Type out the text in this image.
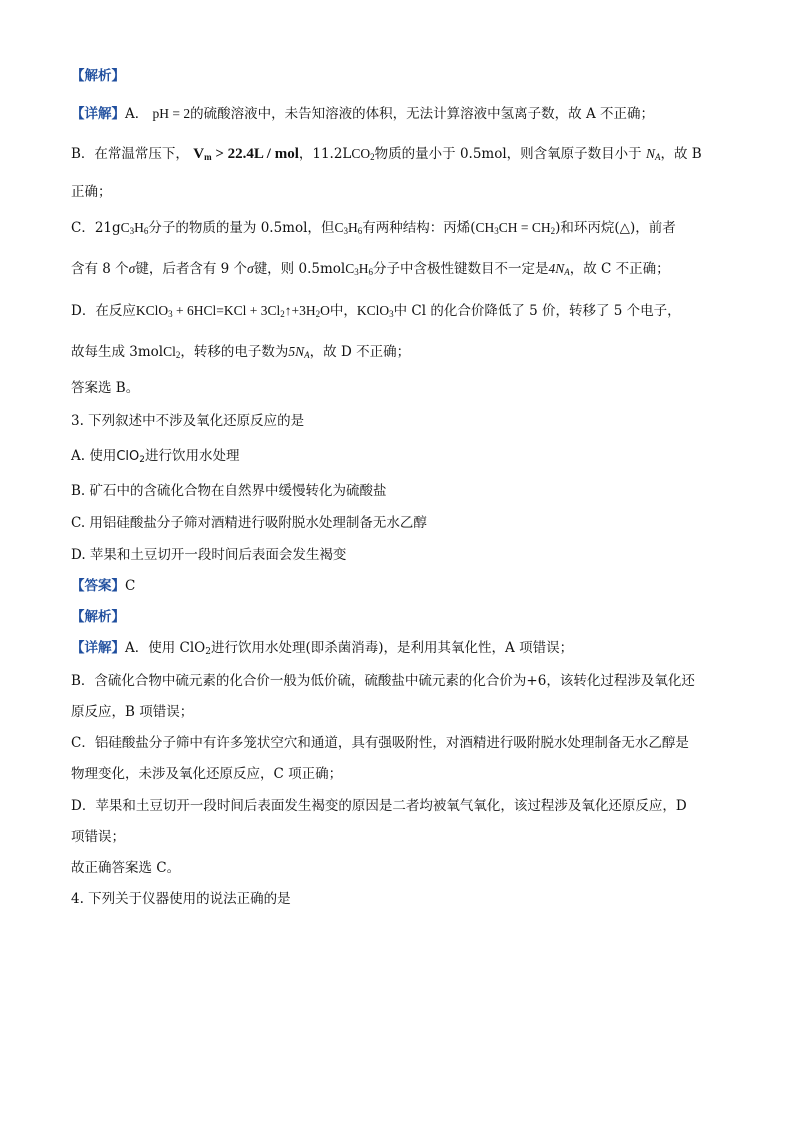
【解析】
【详解】A． pH = 2的硫酸溶液中，未告知溶液的体积，无法计算溶液中氢离子数，故 A 不正确；
B．在常温常压下， $V_m > 22.4L$ / mol，$11.2LCO_2$物质的量小于 0.5mol，则含氧原子数目小于 $N_A$，故 B
正确；
C．$21gC_3H_6$分子的物质的量为 0.5mol，但$C_3H_6$有两种结构：丙烯$(CH_3CH = CH_2)$和环丙烷(△)，前者
含有 8 个σ键，后者含有 9 个σ键，则 $0.5molC_3H_6$分子中含极性键数目不一定是$4N_A$，故 C 不正确；
D．在反应KClO$_3$ + $6HCl=KCl + 3Cl_2↑+3H_2O$中，KClO$_3$中 Cl 的化合价降低了 5 价，转移了 5 个电子，
故每生成 3molCl$_2$，转移的电子数为$5N_A$，故 D 不正确；
答案选 B。
3. 下列叙述中不涉及氧化还原反应的是
A. 使用ClO$_2$进行饮用水处理
B. 矿石中的含硫化合物在自然界中缓慢转化为硫酸盐
C. 用铝硅酸盐分子筛对酒精进行吸附脱水处理制备无水乙醇
D. 苹果和土豆切开一段时间后表面会发生褐变
【答案】C
【解析】
【详解】A．使用 ClO$_2$进行饮用水处理(即杀菌消毒)，是利用其氧化性，A 项错误；
B．含硫化合物中硫元素的化合价一般为低价硫，硫酸盐中硫元素的化合价为+6，该转化过程涉及氧化还
原反应，B 项错误；
C．铝硅酸盐分子筛中有许多笼状空穴和通道，具有强吸附性，对酒精进行吸附脱水处理制备无水乙醇是
物理变化，未涉及氧化还原反应，C 项正确；
D．苹果和土豆切开一段时间后表面发生褐变的原因是二者均被氧气氧化，该过程涉及氧化还原反应，D
项错误；
故正确答案选 C。
4. 下列关于仪器使用的说法正确的是
